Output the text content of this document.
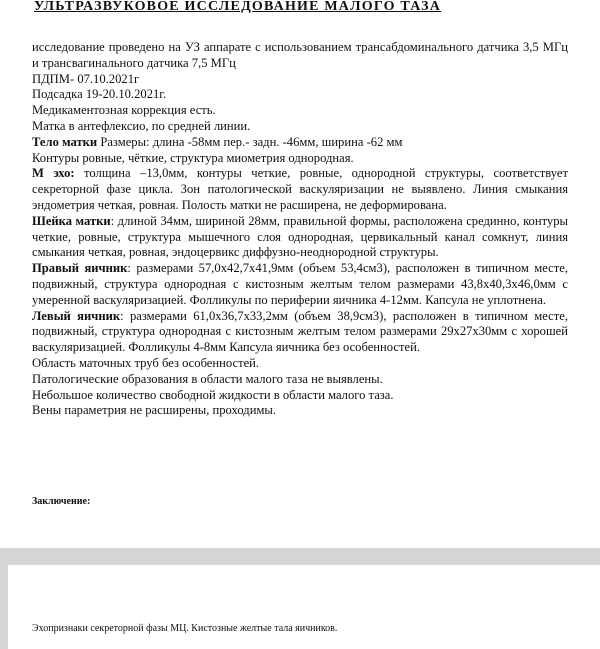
УЛЬТРАЗВУКОВОЕ ИССЛЕДОВАНИЕ МАЛОГО ТАЗА

исследование проведено на УЗ аппарате с использованием трансабдоминального датчика 3,5 МГц и трансвагинального датчика 7,5 МГц

ПДПМ- 07.10.2021г

Подсадка 19-20.10.2021г.

Медикаментозная коррекция есть.

Матка в антефлексио, по средней линии.

Тело матки Размеры: длина -58мм пер.- задн. -46мм, ширина -62 мм

Контуры ровные, чёткие, структура миометрия однородная.

М эхо: толщина –13,0мм, контуры четкие, ровные, однородной структуры, соответствует секреторной фазе цикла. Зон патологической васкуляризации не выявлено. Линия смыкания эндометрия четкая, ровная. Полость матки не расширена, не деформирована.

Шейка матки: длиной 34мм, шириной 28мм, правильной формы, расположена срединно, контуры четкие, ровные, структура мышечного слоя однородная, цервикальный канал сомкнут, линия смыкания четкая, ровная, эндоцервикс диффузно-неоднородной структуры.

Правый яичник: размерами 57,0х42,7х41,9мм (объем 53,4см3), расположен в типичном месте, подвижный, структура однородная с кистозным желтым телом размерами 43,8х40,3х46,0мм с умеренной васкуляризацией. Фолликулы по периферии яичника 4-12мм. Капсула не уплотнена.

Левый яичник: размерами 61,0х36,7х33,2мм (объем 38,9см3), расположен в типичном месте, подвижный, структура однородная с кистозным желтым телом размерами 29х27х30мм с хорошей васкуляризацией. Фолликулы 4-8мм Капсула яичника без особенностей.

Область маточных труб без особенностей.

Патологические образования в области малого таза не выявлены.

Небольшое количество свободной жидкости в области малого таза.

Вены параметрия не расширены, проходимы.

Заключение:
Эхопризнаки секреторной фазы МЦ. Кистозные желтые тала яичников.
